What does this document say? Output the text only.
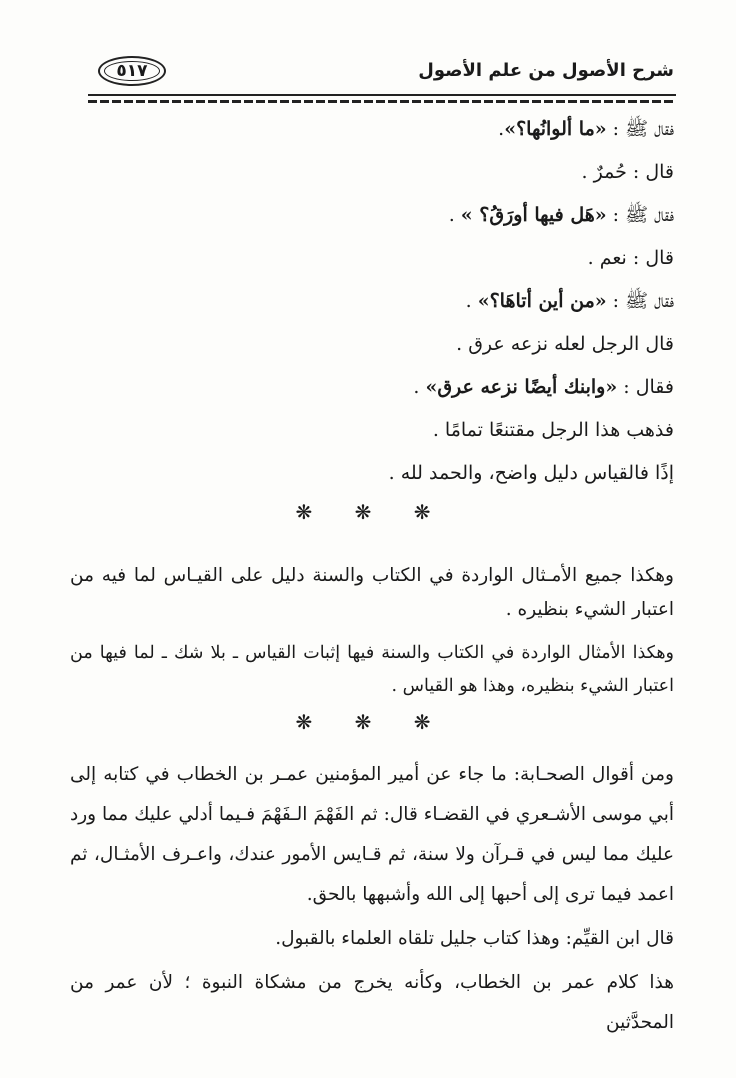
٥١٧	شرح الأصول من علم الأصول

فقال ﷺ : «ما ألوانُها؟».

قال : حُمرٌ .

فقال ﷺ : «هَل فيها أورَقُ؟ » .

قال : نعم .

فقال ﷺ : «من أين أتاهَا؟» .

قال الرجل لعله نزعه عرق .

فقال : «وابنك أيضًا نزعه عرق» .

فذهب هذا الرجل مقتنعًا تمامًا .

إذًا فالقياس دليل واضح، والحمد لله .

❋ ❋ ❋

وهكذا جميع الأمـثال الواردة في الكتاب والسنة دليل على القيـاس لما فيه من اعتبار الشيء بنظيره .

وهكذا الأمثال الواردة في الكتاب والسنة فيها إثبات القياس ـ بلا شك ـ لما فيها من اعتبار الشيء بنظيره، وهذا هو القياس .

❋ ❋ ❋

ومن أقوال الصحـابة: ما جاء عن أمير المؤمنين عمـر بن الخطاب في كتابه إلى أبي موسى الأشـعري في القضـاء قال: ثم الفَهْمَ الـفَهْمَ فـيما أدلي عليك مما ورد عليك مما ليس في قـرآن ولا سنة، ثم قـايس الأمور عندك، واعـرف الأمثـال، ثم اعمد فيما ترى إلى أحبها إلى الله وأشبهها بالحق.

قال ابن القيِّم: وهذا كتاب جليل تلقاه العلماء بالقبول.

هذا كلام عمر بن الخطاب، وكأنه يخرج من مشكاة النبوة ؛ لأن عمر من المحدَّثين
